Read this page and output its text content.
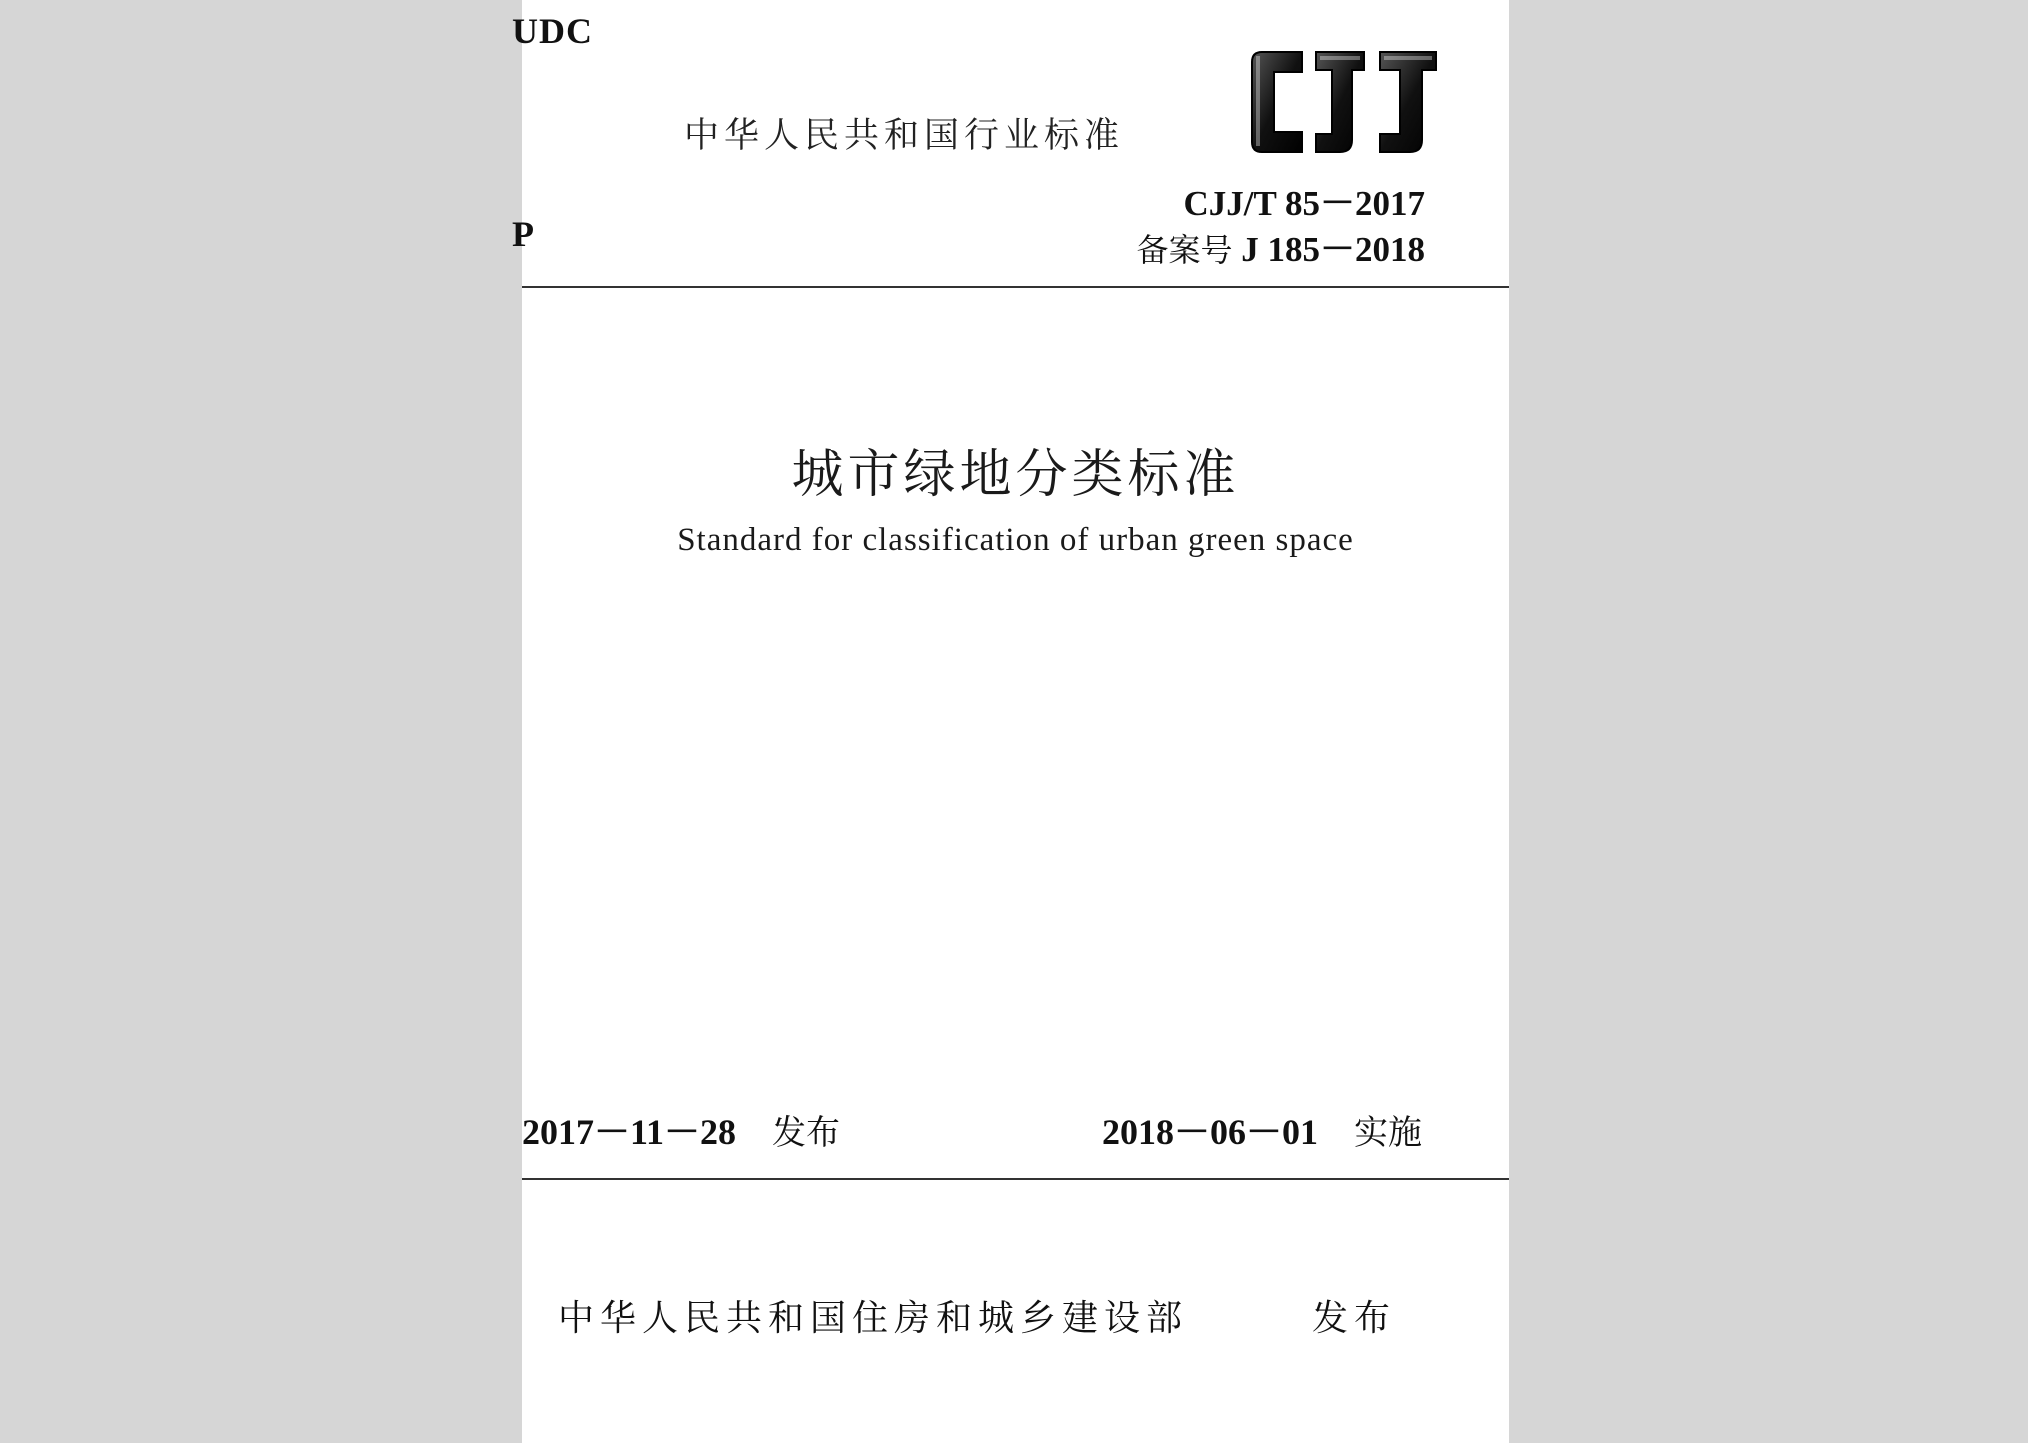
UDC
P
中华人民共和国行业标准
CJJ/T 85－2017
备案号 J 185－2018
城市绿地分类标准
Standard for classification of urban green space
2017－11－28 发布	2018－06－01 实施
中华人民共和国住房和城乡建设部	发布
